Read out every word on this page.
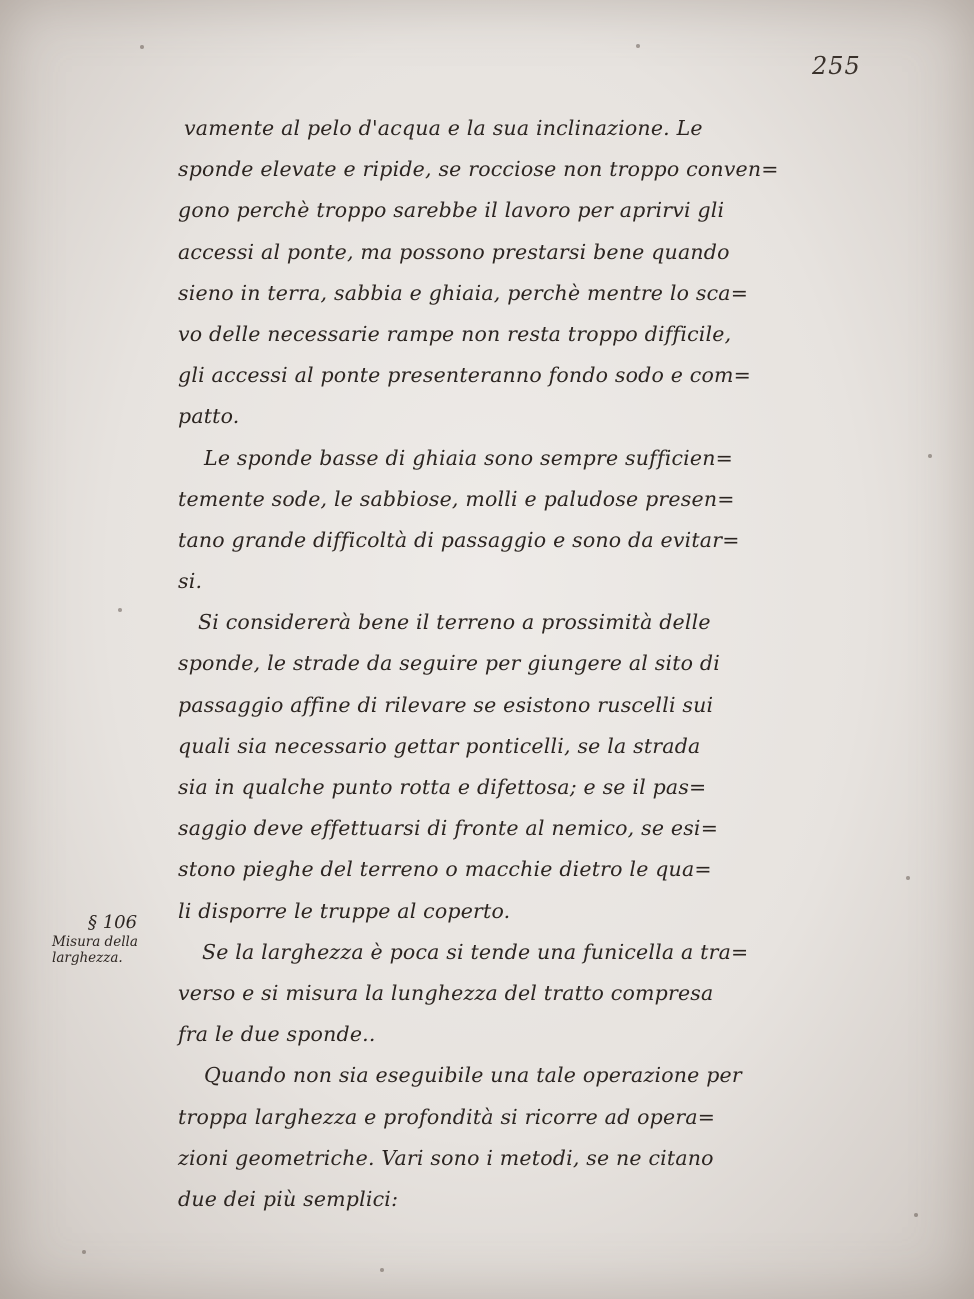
255
vamente al pelo d'acqua e la sua inclinazione. Le
sponde elevate e ripide, se rocciose non troppo conven=
gono perchè troppo sarebbe il lavoro per aprirvi gli
accessi al ponte, ma possono prestarsi bene quando
sieno in terra, sabbia e ghiaia, perchè mentre lo sca=
vo delle necessarie rampe non resta troppo difficile,
gli accessi al ponte presenteranno fondo sodo e com=
patto.
Le sponde basse di ghiaia sono sempre sufficien=
temente sode, le sabbiose, molli e paludose presen=
tano grande difficoltà di passaggio e sono da evitar=
si.
Si considererà bene il terreno a prossimità delle
sponde, le strade da seguire per giungere al sito di
passaggio affine di rilevare se esistono ruscelli sui
quali sia necessario gettar ponticelli, se la strada
sia in qualche punto rotta e difettosa; e se il pas=
saggio deve effettuarsi di fronte al nemico, se esi=
stono pieghe del terreno o macchie dietro le qua=
li disporre le truppe al coperto.
Se la larghezza è poca si tende una funicella a tra=
verso e si misura la lunghezza del tratto compresa
fra le due sponde..
Quando non sia eseguibile una tale operazione per
troppa larghezza e profondità si ricorre ad opera=
zioni geometriche. Vari sono i metodi, se ne citano
due dei più semplici:
§ 106
Misura della
larghezza.
